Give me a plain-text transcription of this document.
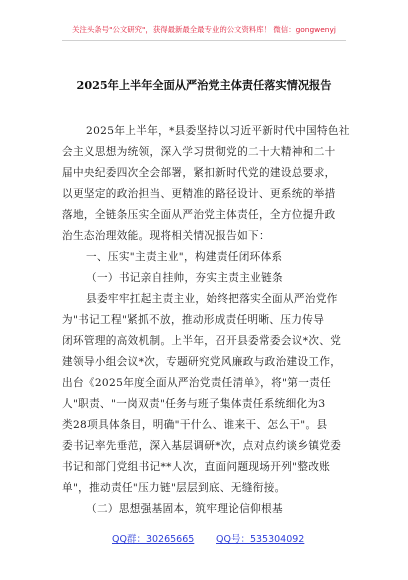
关注头条号"公文研究"，获得最新最全最专业的公文资料库！ 微信：gongwenyj
2025年上半年全面从严治党主体责任落实情况报告
2025年上半年，*县委坚持以习近平新时代中国特色社
会主义思想为统领，深入学习贯彻党的二十大精神和二十
届中央纪委四次全会部署，紧扣新时代党的建设总要求，
以更坚定的政治担当、更精准的路径设计、更系统的举措
落地，全链条压实全面从严治党主体责任，全方位提升政
治生态治理效能。现将相关情况报告如下：
一、压实"主责主业"，构建责任闭环体系
（一）书记亲自挂帅，夯实主责主业链条
县委牢牢扛起主责主业，始终把落实全面从严治党作
为"书记工程"紧抓不放，推动形成责任明晰、压力传导
闭环管理的高效机制。上半年，召开县委常委会议*次、党
建领导小组会议*次，专题研究党风廉政与政治建设工作，
出台《2025年度全面从严治党责任清单》，将"第一责任
人"职责、"一岗双责"任务与班子集体责任系统细化为3
类28项具体条目，明确"干什么、谁来干、怎么干"。县
委书记率先垂范，深入基层调研*次，点对点约谈乡镇党委
书记和部门党组书记**人次，直面问题现场开列"整改账
单"，推动责任"压力链"层层到底、无缝衔接。
（二）思想强基固本，筑牢理论信仰根基
QQ群：30265665 QQ号：535304092
